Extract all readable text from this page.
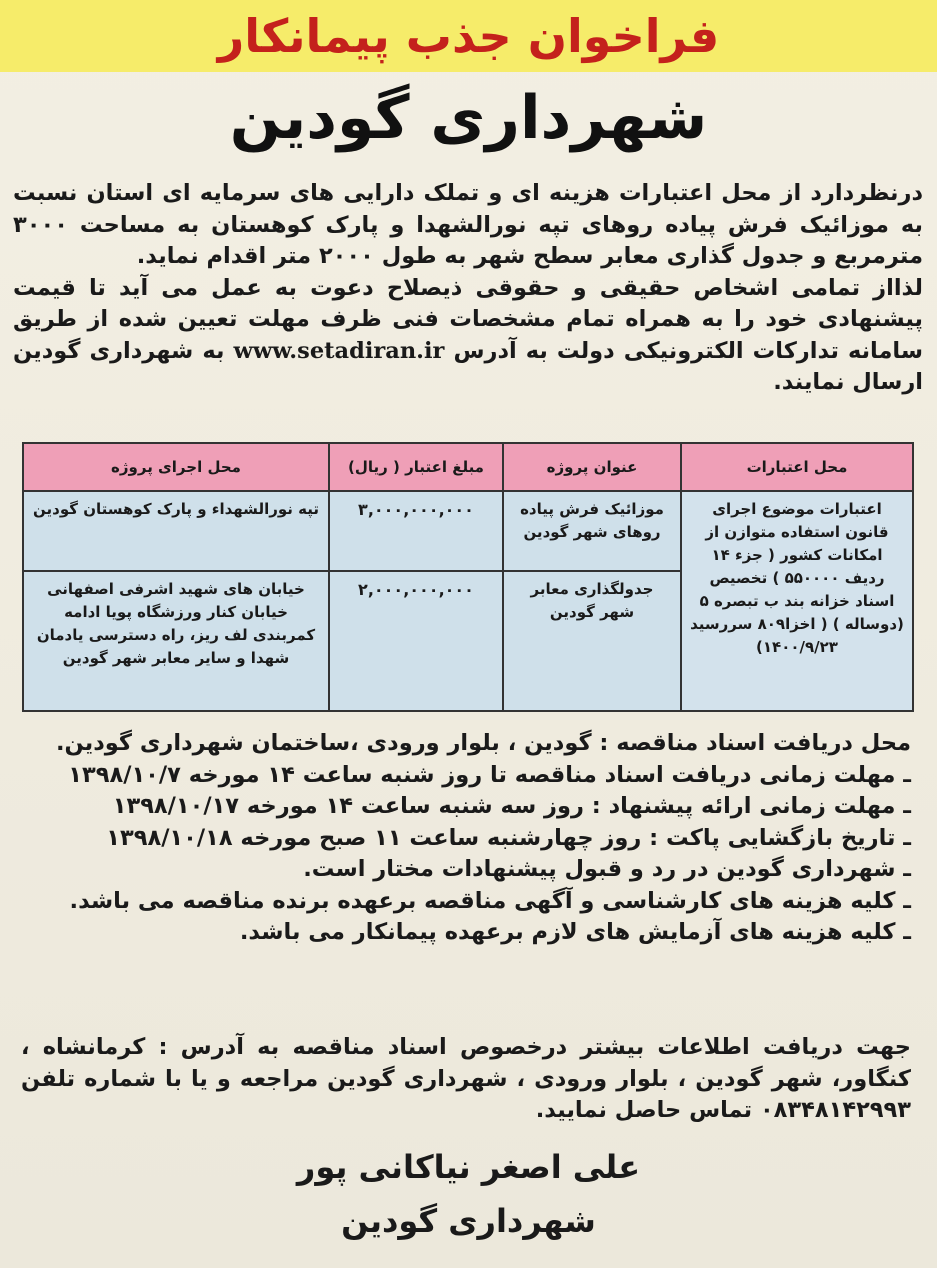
فراخوان جذب پیمانکار
شهرداری گودین

درنظردارد از محل اعتبارات هزینه ای و تملک دارایی های سرمایه ای استان نسبت به موزائیک فرش پیاده روهای تپه نورالشهدا و پارک کوهستان به مساحت ۳۰۰۰ مترمربع و جدول گذاری معابر سطح شهر به طول ۲۰۰۰ متر اقدام نماید.

لذااز تمامی اشخاص حقیقی و حقوقی ذیصلاح دعوت به عمل می آید تا قیمت پیشنهادی خود را به همراه تمام مشخصات فنی ظرف مهلت تعیین شده از طریق سامانه تدارکات الکترونیکی دولت به آدرس www.setadiran.ir به شهرداری گودین ارسال نمایند.

محل اعتبارات	عنوان پروژه	مبلغ اعتبار ( ریال)	محل اجرای پروژه
اعتبارات موضوع اجرای قانون استفاده متوازن از امکانات کشور ( جزء ۱۴ ردیف ۵۵۰۰۰۰ ) تخصیص اسناد خزانه بند ب تبصره ۵ (دوساله ) ( اخزا۸۰۹ سررسید ۱۴۰۰/۹/۲۳)	موزائیک فرش پیاده روهای شهر گودین	۳,۰۰۰,۰۰۰,۰۰۰	تپه نورالشهداء و پارک کوهستان گودین
	جدولگذاری معابر شهر گودین	۲,۰۰۰,۰۰۰,۰۰۰	خیابان های شهید اشرفی اصفهانی خیابان کنار ورزشگاه پویا ادامه کمربندی لف ریز، راه دسترسی یادمان شهدا و سایر معابر شهر گودین
محل دریافت اسناد مناقصه : گودین ، بلوار ورودی ،ساختمان شهرداری گودین.
ـ مهلت زمانی دریافت اسناد مناقصه تا روز شنبه ساعت ۱۴ مورخه ۱۳۹۸/۱۰/۷
ـ مهلت زمانی ارائه پیشنهاد : روز سه شنبه ساعت ۱۴ مورخه ۱۳۹۸/۱۰/۱۷
ـ تاریخ بازگشایی پاکت : روز چهارشنبه ساعت ۱۱ صبح مورخه ۱۳۹۸/۱۰/۱۸
ـ شهرداری گودین در رد و قبول پیشنهادات مختار است.
ـ کلیه هزینه های کارشناسی و آگهی مناقصه برعهده برنده مناقصه می باشد.
ـ کلیه هزینه های آزمایش های لازم برعهده پیمانکار می باشد.
جهت دریافت اطلاعات بیشتر درخصوص اسناد مناقصه به آدرس : کرمانشاه ، کنگاور، شهر گودین ، بلوار ورودی ، شهرداری گودین مراجعه و یا با شماره تلفن ۰۸۳۴۸۱۴۲۹۹۳ تماس حاصل نمایید.
علی اصغر نیاکانی پور
شهرداری گودین
